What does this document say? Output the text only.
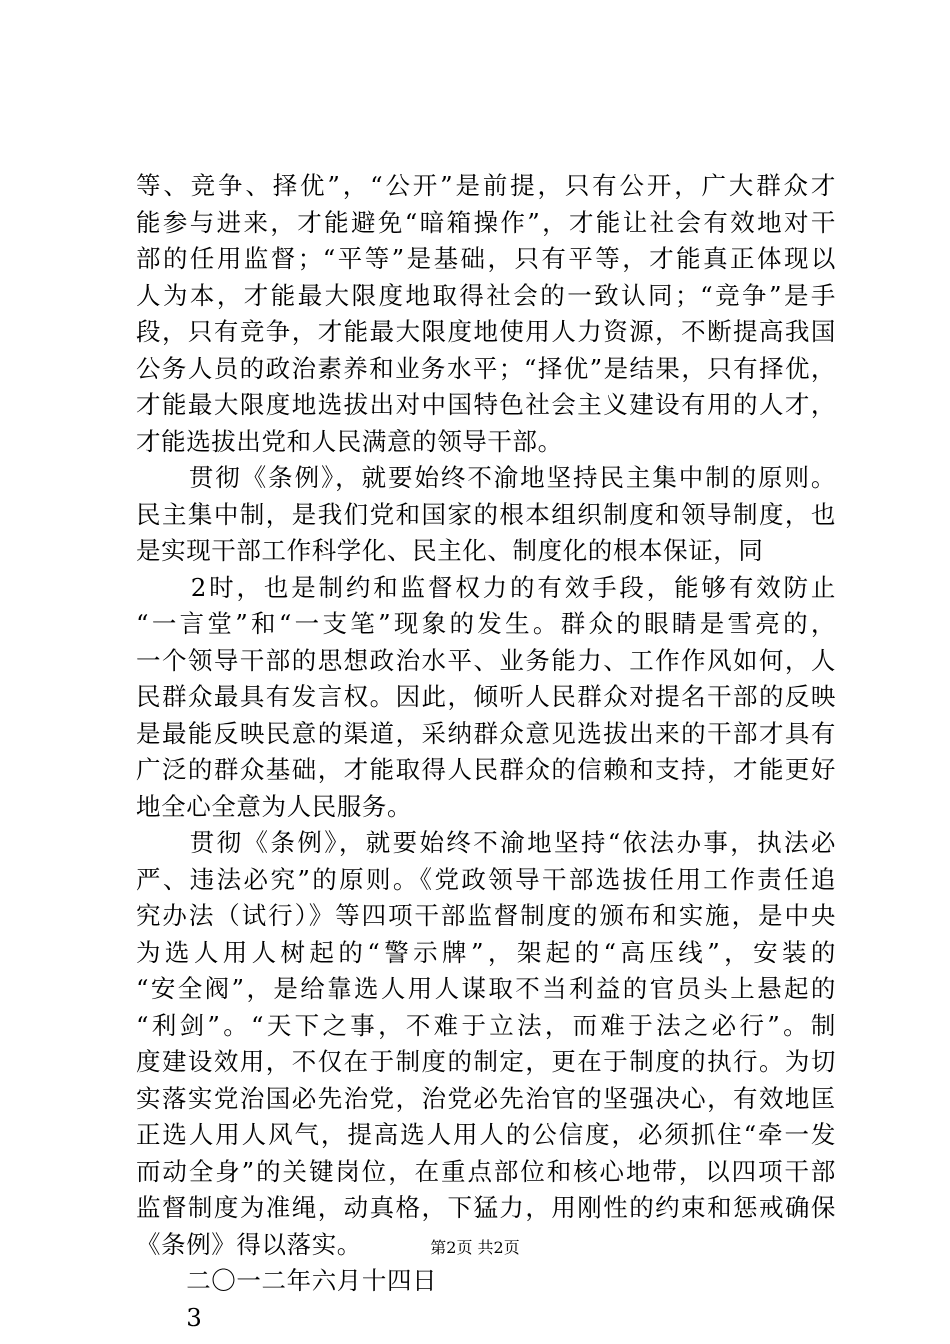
等、竞争、择优”，“公开”是前提，只有公开，广大群众才
能参与进来，才能避免“暗箱操作”，才能让社会有效地对干
部的任用监督；“平等”是基础，只有平等，才能真正体现以
人为本，才能最大限度地取得社会的一致认同；“竞争”是手
段，只有竞争，才能最大限度地使用人力资源，不断提高我国
公务人员的政治素养和业务水平；“择优”是结果，只有择优，
才能最大限度地选拔出对中国特色社会主义建设有用的人才，
才能选拔出党和人民满意的领导干部。
　　贯彻《条例》，就要始终不渝地坚持民主集中制的原则。
民主集中制，是我们党和国家的根本组织制度和领导制度，也
是实现干部工作科学化、民主化、制度化的根本保证，同
　　2时，也是制约和监督权力的有效手段，能够有效防止
“一言堂”和“一支笔”现象的发生。群众的眼睛是雪亮的，
一个领导干部的思想政治水平、业务能力、工作作风如何，人
民群众最具有发言权。因此，倾听人民群众对提名干部的反映
是最能反映民意的渠道，采纳群众意见选拔出来的干部才具有
广泛的群众基础，才能取得人民群众的信赖和支持，才能更好
地全心全意为人民服务。
　　贯彻《条例》，就要始终不渝地坚持“依法办事，执法必
严、违法必究”的原则。《党政领导干部选拔任用工作责任追
究办法（试行）》等四项干部监督制度的颁布和实施，是中央
为选人用人树起的“警示牌”，架起的“高压线”，安装的
“安全阀”，是给靠选人用人谋取不当利益的官员头上悬起的
“利剑”。“天下之事，不难于立法，而难于法之必行”。制
度建设效用，不仅在于制度的制定，更在于制度的执行。为切
实落实党治国必先治党，治党必先治官的坚强决心，有效地匡
正选人用人风气，提高选人用人的公信度，必须抓住“牵一发
而动全身”的关键岗位，在重点部位和核心地带，以四项干部
监督制度为准绳，动真格，下猛力，用刚性的约束和惩戒确保
《条例》得以落实。
　　二〇一二年六月十四日
　　3
第2页 共2页
